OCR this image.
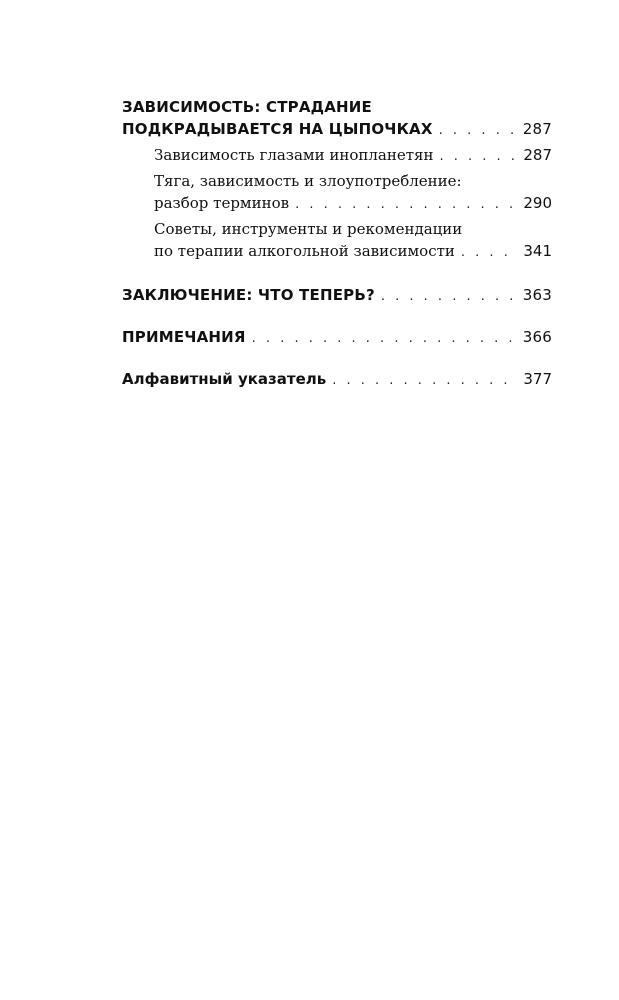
ЗАВИСИМОСТЬ: СТРАДАНИЕ
ПОДКРАДЫВАЕТСЯ НА ЦЫПОЧКАХ . . .	287
Зависимость глазами инопланетян . . .	287
Тяга, зависимость и злоупотребление:
разбор терминов . . .	290
Советы, инструменты и рекомендации
по терапии алкогольной зависимости . . .	341
ЗАКЛЮЧЕНИЕ: ЧТО ТЕПЕРЬ? . . .	363
ПРИМЕЧАНИЯ . . .	366
Алфавитный указатель . . .	377
